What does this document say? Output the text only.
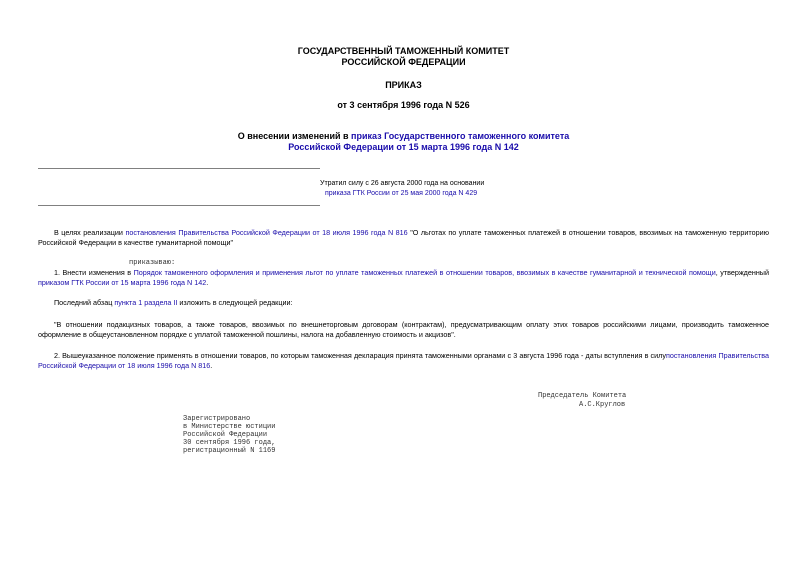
ГОСУДАРСТВЕННЫЙ ТАМОЖЕННЫЙ КОМИТЕТ
РОССИЙСКОЙ ФЕДЕРАЦИИ
ПРИКАЗ
от 3 сентября 1996 года N 526
О внесении изменений в приказ Государственного таможенного комитета
Российской Федерации от 15 марта 1996 года N 142
Утратил силу с 26 августа 2000 года на основании
приказа ГТК России от 25 мая 2000 года N 429
В целях реализации постановления Правительства Российской Федерации от 18 июля 1996 года N 816 "О льготах по уплате таможенных платежей в отношении товаров, ввозимых на таможенную территорию Российской Федерации в качестве гуманитарной помощи"
приказываю:
1. Внести изменения в Порядок таможенного оформления и применения льгот по уплате таможенных платежей в отношении товаров, ввозимых в качестве гуманитарной и технической помощи, утвержденный приказом ГТК России от 15 марта 1996 года N 142.
Последний абзац пункта 1 раздела II изложить в следующей редакции:
"В отношении подакцизных товаров, а также товаров, ввозимых по внешнеторговым договорам (контрактам), предусматривающим оплату этих товаров российскими лицами, производить таможенное оформление в общеустановленном порядке с уплатой таможенной пошлины, налога на добавленную стоимость и акцизов".
2. Вышеуказанное положение применять в отношении товаров, по которым таможенная декларация принята таможенными органами с 3 августа 1996 года - даты вступления в силупостановления Правительства Российской Федерации от 18 июля 1996 года N 816.
Председатель Комитета
А.С.Круглов
Зарегистрировано
в Министерстве юстиции
Российской Федерации
30 сентября 1996 года,
регистрационный N 1169
